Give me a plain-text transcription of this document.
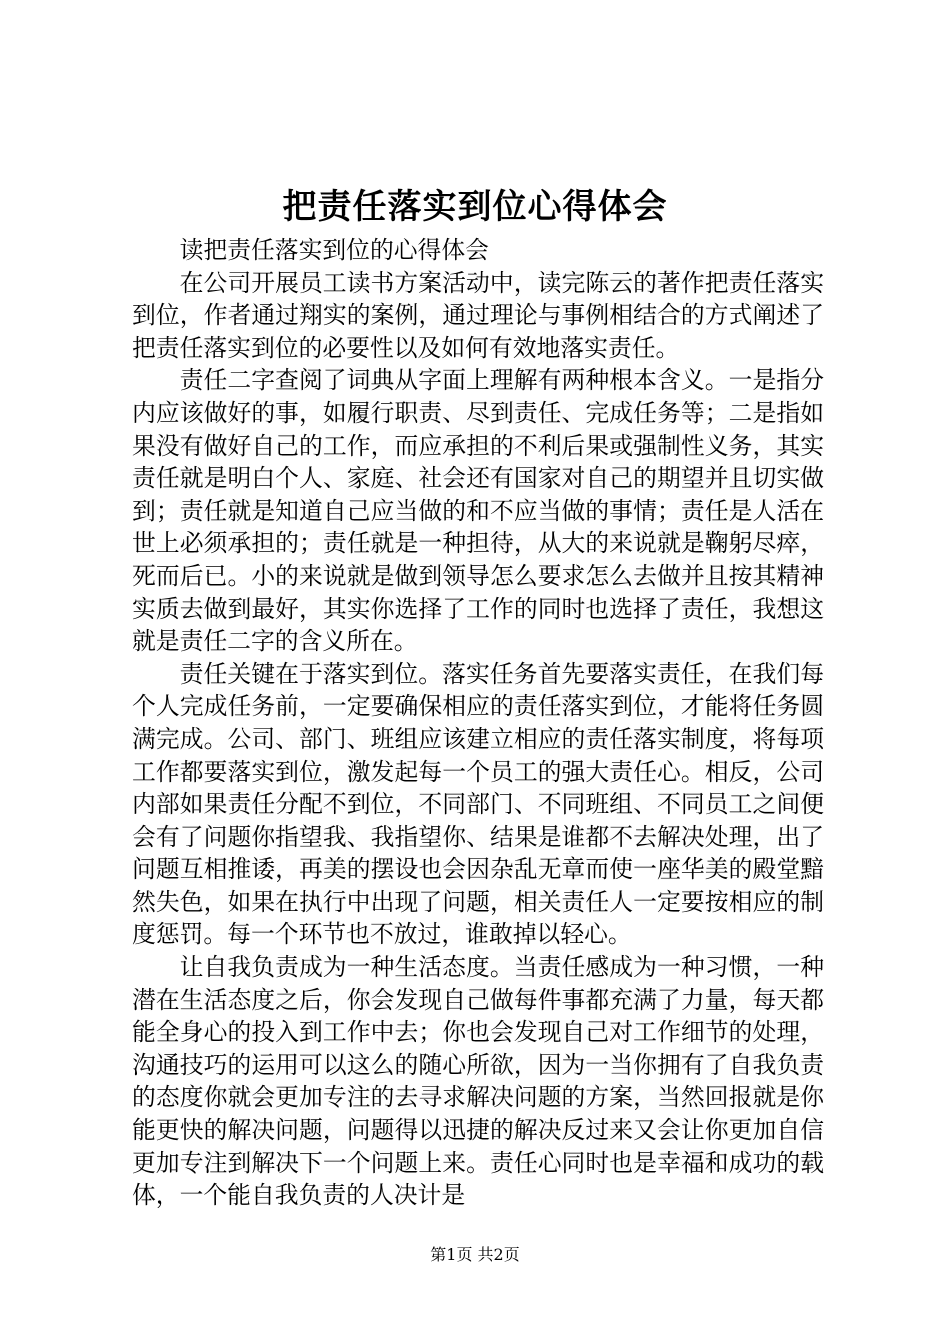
把责任落实到位心得体会

读把责任落实到位的心得体会

在公司开展员工读书方案活动中，读完陈云的著作把责任落实到位，作者通过翔实的案例，通过理论与事例相结合的方式阐述了把责任落实到位的必要性以及如何有效地落实责任。

责任二字查阅了词典从字面上理解有两种根本含义。一是指分内应该做好的事，如履行职责、尽到责任、完成任务等；二是指如果没有做好自己的工作，而应承担的不利后果或强制性义务，其实责任就是明白个人、家庭、社会还有国家对自己的期望并且切实做到；责任就是知道自己应当做的和不应当做的事情；责任是人活在世上必须承担的；责任就是一种担待，从大的来说就是鞠躬尽瘁，死而后已。小的来说就是做到领导怎么要求怎么去做并且按其精神实质去做到最好，其实你选择了工作的同时也选择了责任，我想这就是责任二字的含义所在。

责任关键在于落实到位。落实任务首先要落实责任，在我们每个人完成任务前，一定要确保相应的责任落实到位，才能将任务圆满完成。公司、部门、班组应该建立相应的责任落实制度，将每项工作都要落实到位，激发起每一个员工的强大责任心。相反，公司内部如果责任分配不到位，不同部门、不同班组、不同员工之间便会有了问题你指望我、我指望你、结果是谁都不去解决处理，出了问题互相推诿，再美的摆设也会因杂乱无章而使一座华美的殿堂黯然失色，如果在执行中出现了问题，相关责任人一定要按相应的制度惩罚。每一个环节也不放过，谁敢掉以轻心。

让自我负责成为一种生活态度。当责任感成为一种习惯，一种潜在生活态度之后，你会发现自己做每件事都充满了力量，每天都能全身心的投入到工作中去；你也会发现自己对工作细节的处理，沟通技巧的运用可以这么的随心所欲，因为一当你拥有了自我负责的态度你就会更加专注的去寻求解决问题的方案，当然回报就是你能更快的解决问题，问题得以迅捷的解决反过来又会让你更加自信更加专注到解决下一个问题上来。责任心同时也是幸福和成功的载体，一个能自我负责的人决计是

第1页 共2页
